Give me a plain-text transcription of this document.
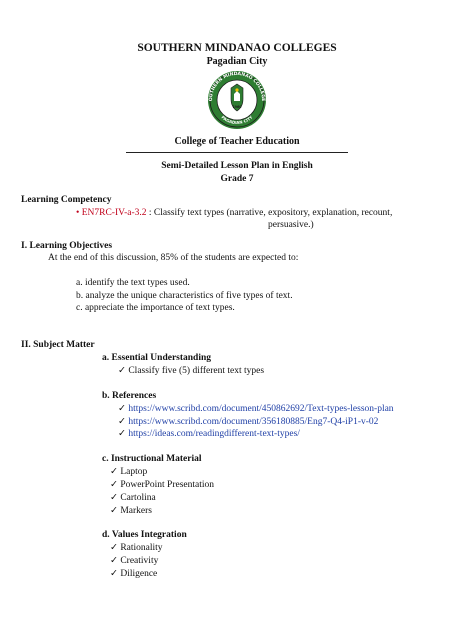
SOUTHERN MINDANAO COLLEGES
Pagadian City
OUTHERN MINDANAO COLLEGE
PAGADIAN CITY
1960
College of Teacher Education
Semi-Detailed Lesson Plan in English
Grade 7
Learning Competency
• EN7RC-IV-a-3.2 : Classify text types (narrative, expository, explanation, recount,
persuasive.)
I. Learning Objectives
At the end of this discussion, 85% of the students are expected to:
a. identify the text types used.
b. analyze the unique characteristics of five types of text.
c. appreciate the importance of text types.
II. Subject Matter
a. Essential Understanding
✓ Classify five (5) different text types
b. References
✓ https://www.scribd.com/document/450862692/Text-types-lesson-plan
✓ https://www.scribd.com/document/356180885/Eng7-Q4-iP1-v-02
✓ https://ideas.com/readingdifferent-text-types/
c. Instructional Material
✓ Laptop
✓ PowerPoint Presentation
✓ Cartolina
✓ Markers
d. Values Integration
✓ Rationality
✓ Creativity
✓ Diligence
